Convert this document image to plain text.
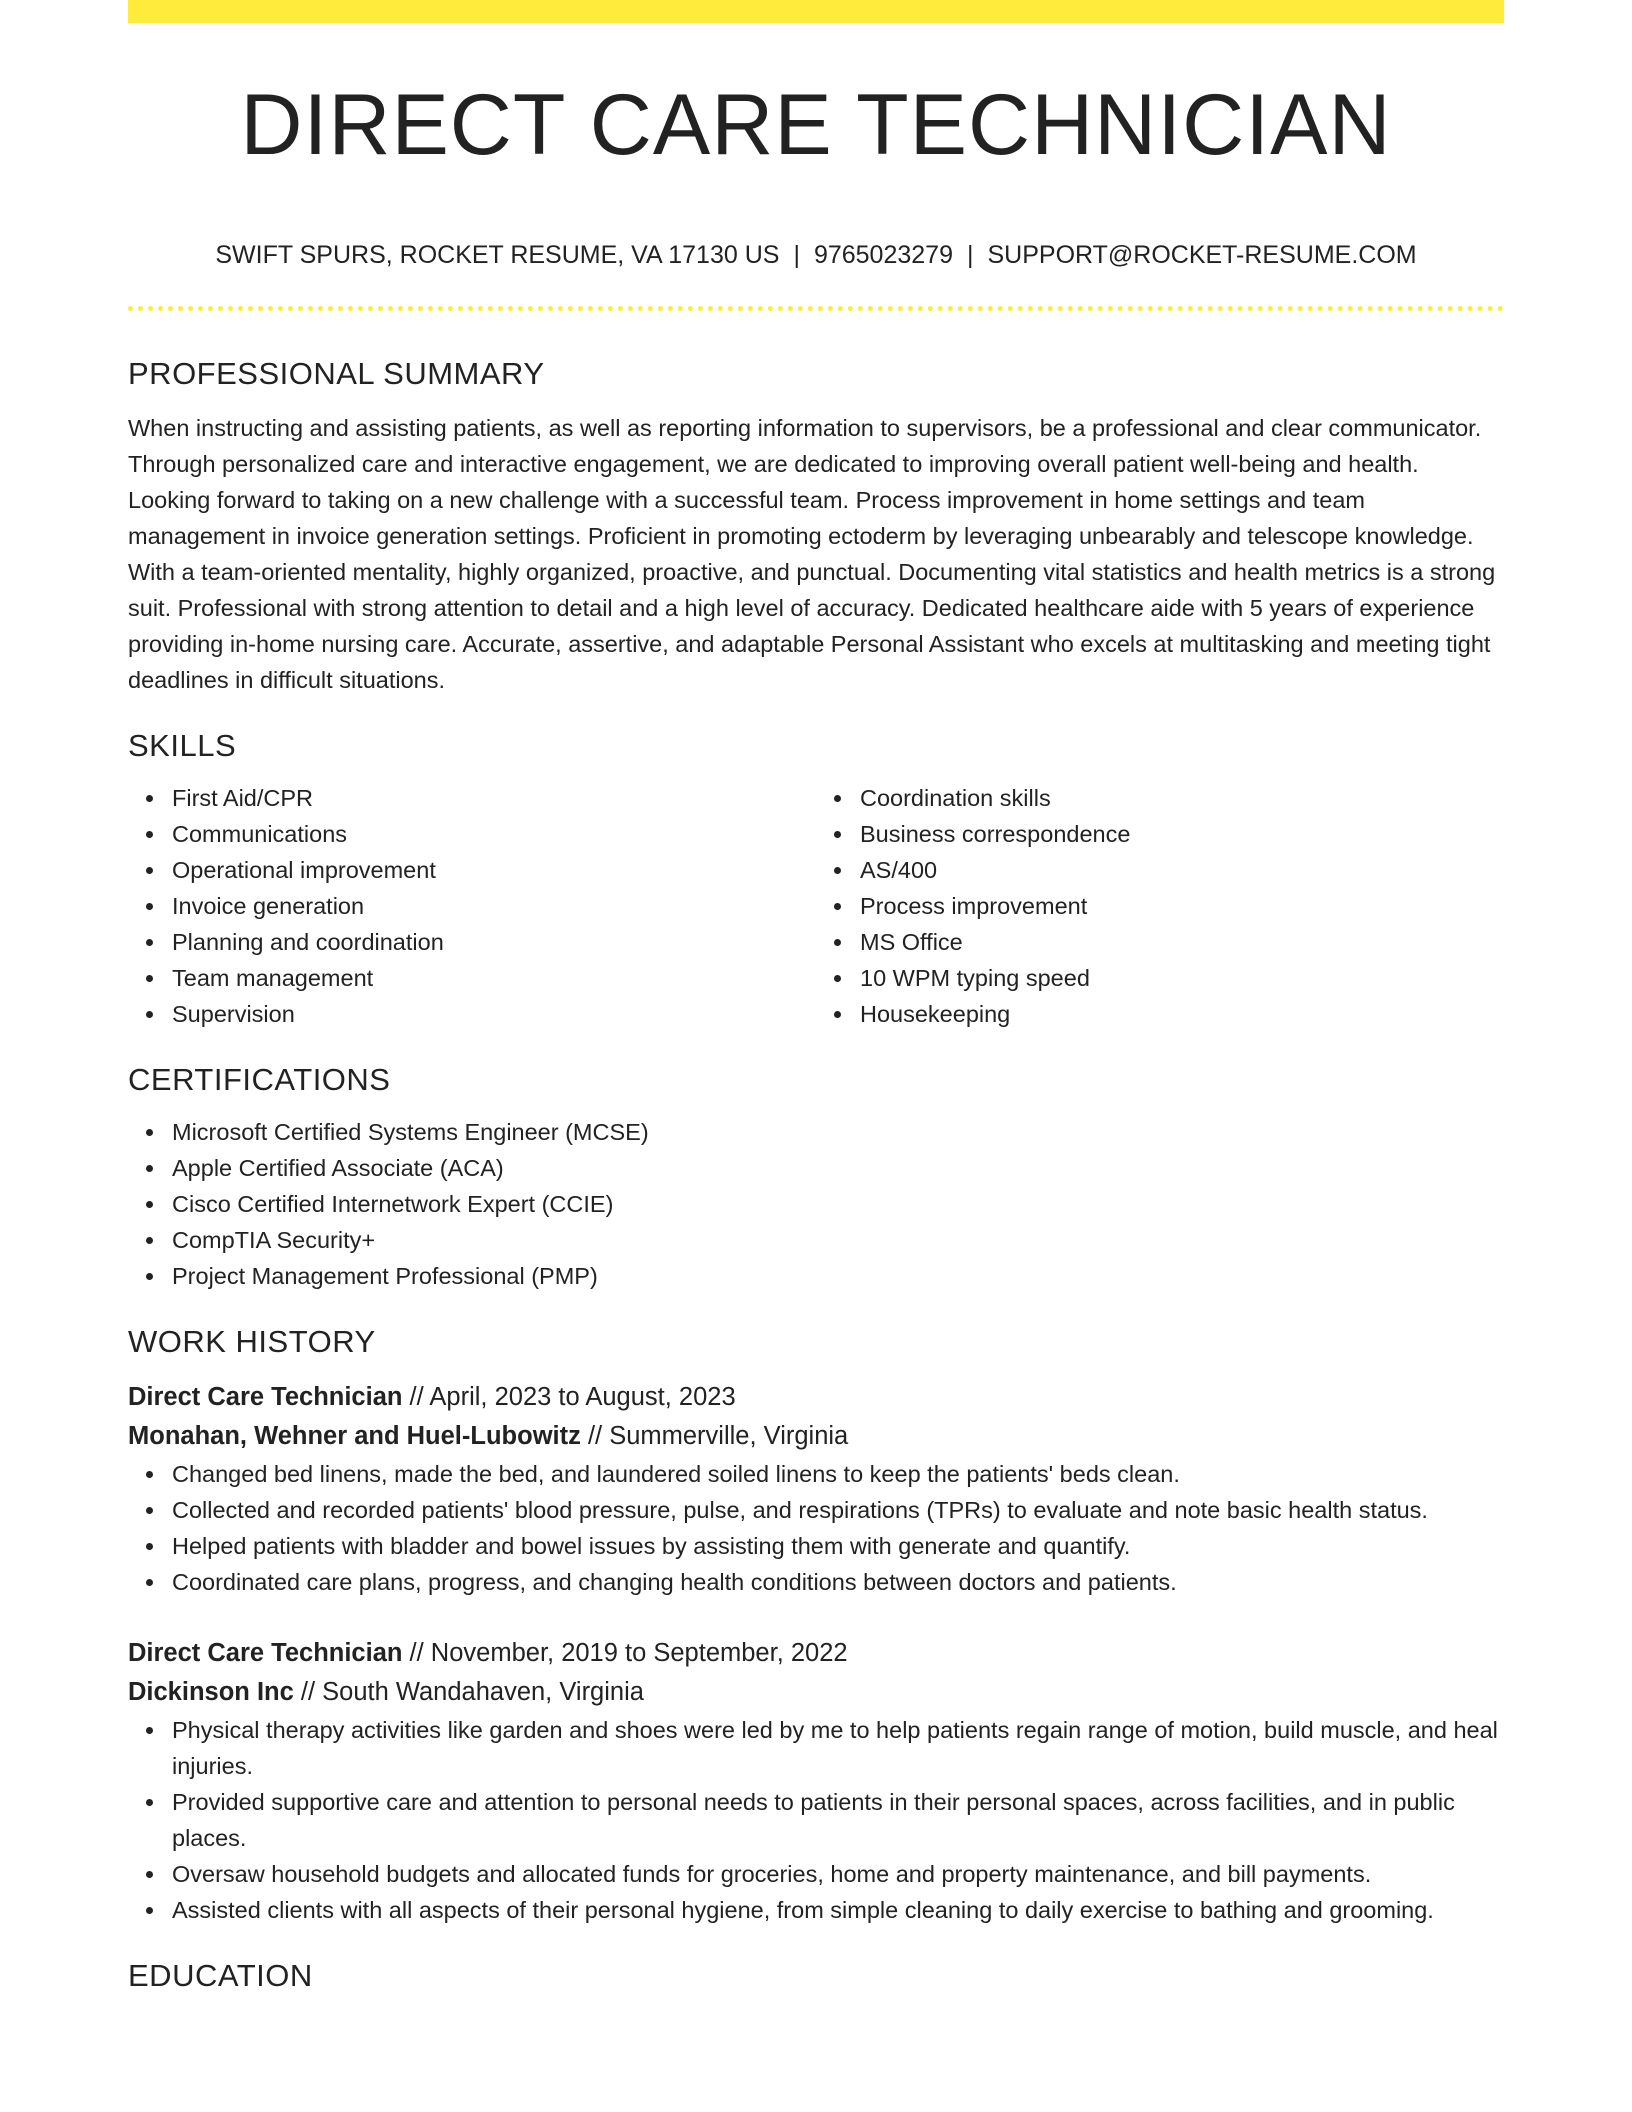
DIRECT CARE TECHNICIAN
SWIFT SPURS, ROCKET RESUME, VA 17130 US | 9765023279 | SUPPORT@ROCKET-RESUME.COM
PROFESSIONAL SUMMARY

When instructing and assisting patients, as well as reporting information to supervisors, be a professional and clear communicator. Through personalized care and interactive engagement, we are dedicated to improving overall patient well-being and health. Looking forward to taking on a new challenge with a successful team. Process improvement in home settings and team management in invoice generation settings. Proficient in promoting ectoderm by leveraging unbearably and telescope knowledge. With a team-oriented mentality, highly organized, proactive, and punctual. Documenting vital statistics and health metrics is a strong suit. Professional with strong attention to detail and a high level of accuracy. Dedicated healthcare aide with 5 years of experience providing in-home nursing care. Accurate, assertive, and adaptable Personal Assistant who excels at multitasking and meeting tight deadlines in difficult situations.

SKILLS
First Aid/CPR
Communications
Operational improvement
Invoice generation
Planning and coordination
Team management
Supervision
Coordination skills
Business correspondence
AS/400
Process improvement
MS Office
10 WPM typing speed
Housekeeping
CERTIFICATIONS
Microsoft Certified Systems Engineer (MCSE)
Apple Certified Associate (ACA)
Cisco Certified Internetwork Expert (CCIE)
CompTIA Security+
Project Management Professional (PMP)
WORK HISTORY
Direct Care Technician // April, 2023 to August, 2023
Monahan, Wehner and Huel-Lubowitz // Summerville, Virginia
Changed bed linens, made the bed, and laundered soiled linens to keep the patients' beds clean.
Collected and recorded patients' blood pressure, pulse, and respirations (TPRs) to evaluate and note basic health status.
Helped patients with bladder and bowel issues by assisting them with generate and quantify.
Coordinated care plans, progress, and changing health conditions between doctors and patients.
Direct Care Technician // November, 2019 to September, 2022
Dickinson Inc // South Wandahaven, Virginia
Physical therapy activities like garden and shoes were led by me to help patients regain range of motion, build muscle, and heal injuries.
Provided supportive care and attention to personal needs to patients in their personal spaces, across facilities, and in public places.
Oversaw household budgets and allocated funds for groceries, home and property maintenance, and bill payments.
Assisted clients with all aspects of their personal hygiene, from simple cleaning to daily exercise to bathing and grooming.
EDUCATION
